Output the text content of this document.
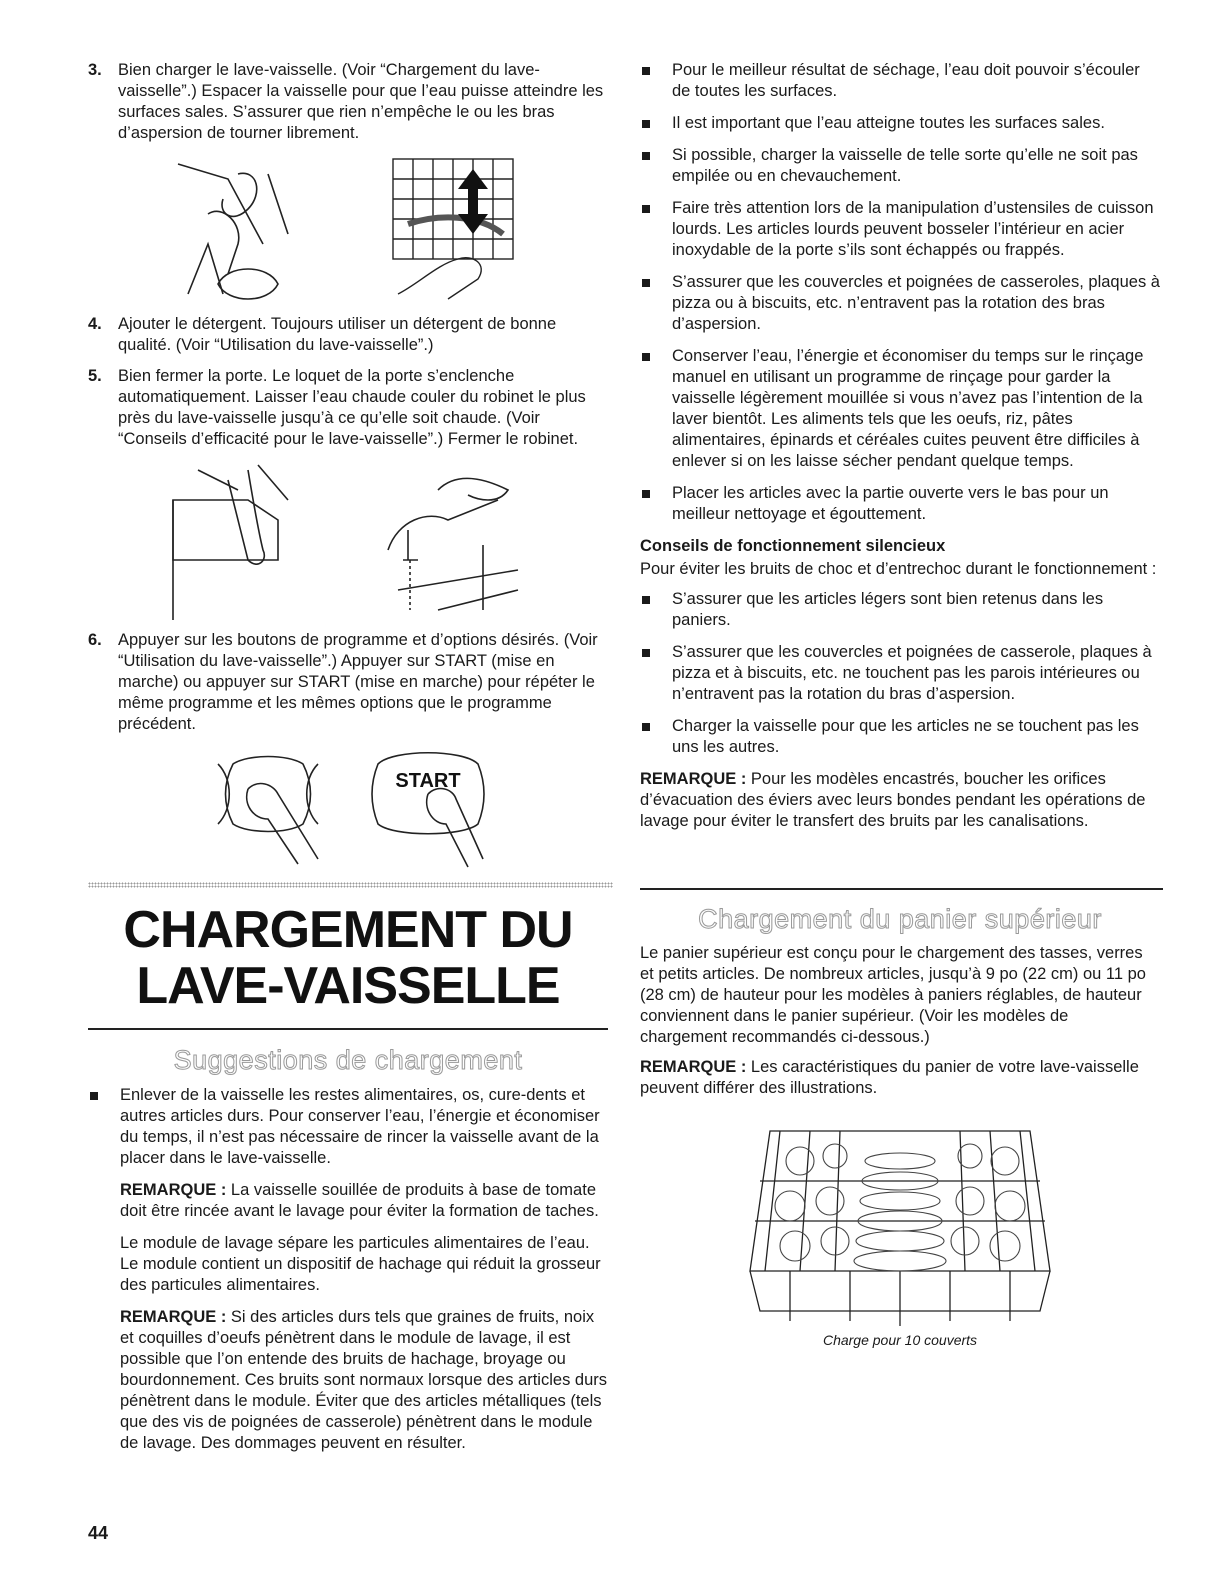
3. Bien charger le lave-vaisselle. (Voir “Chargement du lave-vaisselle”.) Espacer la vaisselle pour que l’eau puisse atteindre les surfaces sales. S’assurer que rien n’empêche le ou les bras d’aspersion de tourner librement.
4. Ajouter le détergent. Toujours utiliser un détergent de bonne qualité. (Voir “Utilisation du lave-vaisselle”.)
5. Bien fermer la porte. Le loquet de la porte s’enclenche automatiquement. Laisser l’eau chaude couler du robinet le plus près du lave-vaisselle jusqu’à ce qu’elle soit chaude. (Voir “Conseils d’efficacité pour le lave-vaisselle”.) Fermer le robinet.
6. Appuyer sur les boutons de programme et d’options désirés. (Voir “Utilisation du lave-vaisselle”.) Appuyer sur START (mise en marche) ou appuyer sur START (mise en marche) pour répéter le même programme et les mêmes options que le programme précédent.
START
CHARGEMENT DU
LAVE-VAISSELLE
Suggestions de chargement
Enlever de la vaisselle les restes alimentaires, os, cure-dents et autres articles durs. Pour conserver l’eau, l’énergie et économiser du temps, il n’est pas nécessaire de rincer la vaisselle avant de la placer dans le lave-vaisselle.
REMARQUE : La vaisselle souillée de produits à base de tomate doit être rincée avant le lavage pour éviter la formation de taches.
Le module de lavage sépare les particules alimentaires de l’eau. Le module contient un dispositif de hachage qui réduit la grosseur des particules alimentaires.
REMARQUE : Si des articles durs tels que graines de fruits, noix et coquilles d’oeufs pénètrent dans le module de lavage, il est possible que l’on entende des bruits de hachage, broyage ou bourdonnement. Ces bruits sont normaux lorsque des articles durs pénètrent dans le module. Éviter que des articles métalliques (tels que des vis de poignées de casserole) pénètrent dans le module de lavage. Des dommages peuvent en résulter.
Pour le meilleur résultat de séchage, l’eau doit pouvoir s’écouler de toutes les surfaces.
Il est important que l’eau atteigne toutes les surfaces sales.
Si possible, charger la vaisselle de telle sorte qu’elle ne soit pas empilée ou en chevauchement.
Faire très attention lors de la manipulation d’ustensiles de cuisson lourds. Les articles lourds peuvent bosseler l’intérieur en acier inoxydable de la porte s’ils sont échappés ou frappés.
S’assurer que les couvercles et poignées de casseroles, plaques à pizza ou à biscuits, etc. n’entravent pas la rotation des bras d’aspersion.
Conserver l’eau, l’énergie et économiser du temps sur le rinçage manuel en utilisant un programme de rinçage pour garder la vaisselle légèrement mouillée si vous n’avez pas l’intention de la laver bientôt. Les aliments tels que les oeufs, riz, pâtes alimentaires, épinards et céréales cuites peuvent être difficiles à enlever si on les laisse sécher pendant quelque temps.
Placer les articles avec la partie ouverte vers le bas pour un meilleur nettoyage et égouttement.
Conseils de fonctionnement silencieux
Pour éviter les bruits de choc et d’entrechoc durant le fonctionnement :
S’assurer que les articles légers sont bien retenus dans les paniers.
S’assurer que les couvercles et poignées de casserole, plaques à pizza et à biscuits, etc. ne touchent pas les parois intérieures ou n’entravent pas la rotation du bras d’aspersion.
Charger la vaisselle pour que les articles ne se touchent pas les uns les autres.
REMARQUE : Pour les modèles encastrés, boucher les orifices d’évacuation des éviers avec leurs bondes pendant les opérations de lavage pour éviter le transfert des bruits par les canalisations.
Chargement du panier supérieur
Le panier supérieur est conçu pour le chargement des tasses, verres et petits articles. De nombreux articles, jusqu’à 9 po (22 cm) ou 11 po (28 cm) de hauteur pour les modèles à paniers réglables, de hauteur conviennent dans le panier supérieur. (Voir les modèles de chargement recommandés ci-dessous.)
REMARQUE : Les caractéristiques du panier de votre lave-vaisselle peuvent différer des illustrations.
Charge pour 10 couverts
44
